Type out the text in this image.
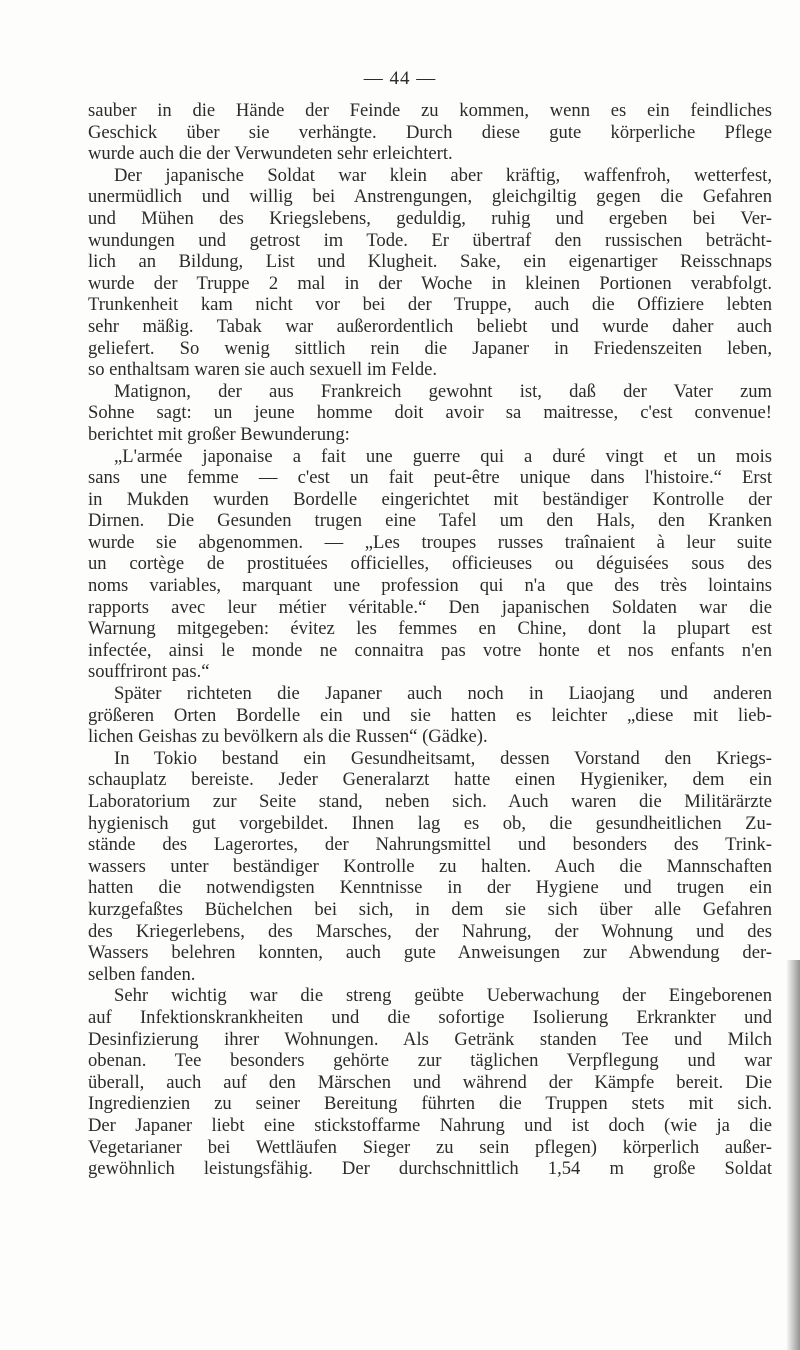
— 44 —
sauber in die Hände der Feinde zu kommen, wenn es ein feindliches
Geschick über sie verhängte. Durch diese gute körperliche Pflege
wurde auch die der Verwundeten sehr erleichtert.
Der japanische Soldat war klein aber kräftig, waffenfroh, wetterfest,
unermüdlich und willig bei Anstrengungen, gleichgiltig gegen die Gefahren
und Mühen des Kriegslebens, geduldig, ruhig und ergeben bei Ver-
wundungen und getrost im Tode. Er übertraf den russischen beträcht-
lich an Bildung, List und Klugheit. Sake, ein eigenartiger Reisschnaps
wurde der Truppe 2 mal in der Woche in kleinen Portionen verabfolgt.
Trunkenheit kam nicht vor bei der Truppe, auch die Offiziere lebten
sehr mäßig. Tabak war außerordentlich beliebt und wurde daher auch
geliefert. So wenig sittlich rein die Japaner in Friedenszeiten leben,
so enthaltsam waren sie auch sexuell im Felde.
Matignon, der aus Frankreich gewohnt ist, daß der Vater zum
Sohne sagt: un jeune homme doit avoir sa maitresse, c'est convenue!
berichtet mit großer Bewunderung:
„L'armée japonaise a fait une guerre qui a duré vingt et un mois
sans une femme — c'est un fait peut-être unique dans l'histoire.“ Erst
in Mukden wurden Bordelle eingerichtet mit beständiger Kontrolle der
Dirnen. Die Gesunden trugen eine Tafel um den Hals, den Kranken
wurde sie abgenommen. — „Les troupes russes traînaient à leur suite
un cortège de prostituées officielles, officieuses ou déguisées sous des
noms variables, marquant une profession qui n'a que des très lointains
rapports avec leur métier véritable.“ Den japanischen Soldaten war die
Warnung mitgegeben: évitez les femmes en Chine, dont la plupart est
infectée, ainsi le monde ne connaitra pas votre honte et nos enfants n'en
souffriront pas.“
Später richteten die Japaner auch noch in Liaojang und anderen
größeren Orten Bordelle ein und sie hatten es leichter „diese mit lieb-
lichen Geishas zu bevölkern als die Russen“ (Gädke).
In Tokio bestand ein Gesundheitsamt, dessen Vorstand den Kriegs-
schauplatz bereiste. Jeder Generalarzt hatte einen Hygieniker, dem ein
Laboratorium zur Seite stand, neben sich. Auch waren die Militärärzte
hygienisch gut vorgebildet. Ihnen lag es ob, die gesundheitlichen Zu-
stände des Lagerortes, der Nahrungsmittel und besonders des Trink-
wassers unter beständiger Kontrolle zu halten. Auch die Mannschaften
hatten die notwendigsten Kenntnisse in der Hygiene und trugen ein
kurzgefaßtes Büchelchen bei sich, in dem sie sich über alle Gefahren
des Kriegerlebens, des Marsches, der Nahrung, der Wohnung und des
Wassers belehren konnten, auch gute Anweisungen zur Abwendung der-
selben fanden.
Sehr wichtig war die streng geübte Ueberwachung der Eingeborenen
auf Infektionskrankheiten und die sofortige Isolierung Erkrankter und
Desinfizierung ihrer Wohnungen. Als Getränk standen Tee und Milch
obenan. Tee besonders gehörte zur täglichen Verpflegung und war
überall, auch auf den Märschen und während der Kämpfe bereit. Die
Ingredienzien zu seiner Bereitung führten die Truppen stets mit sich.
Der Japaner liebt eine stickstoffarme Nahrung und ist doch (wie ja die
Vegetarianer bei Wettläufen Sieger zu sein pflegen) körperlich außer-
gewöhnlich leistungsfähig. Der durchschnittlich 1,54 m große Soldat
